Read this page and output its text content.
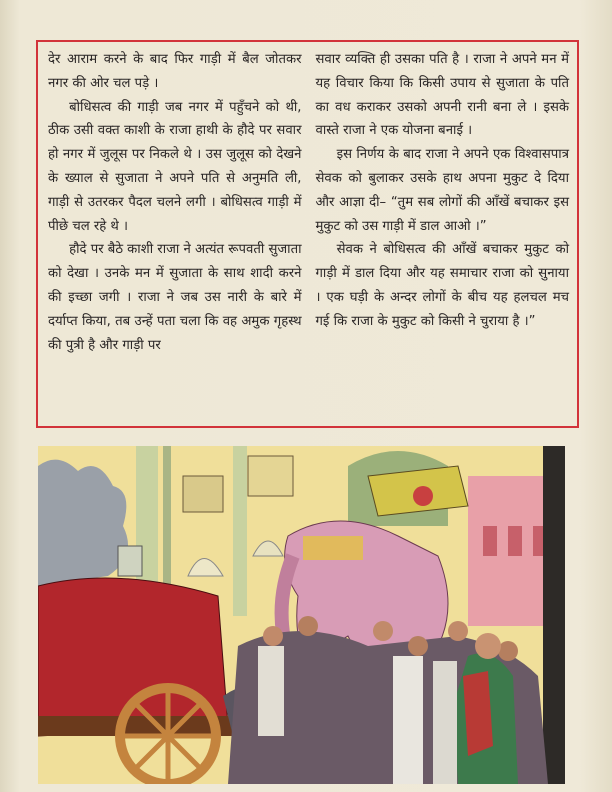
देर आराम करने के बाद फिर गाड़ी में बैल जोतकर नगर की ओर चल पड़े ।

बोधिसत्व की गाड़ी जब नगर में पहुँचने को थी, ठीक उसी वक्त काशी के राजा हाथी के हौदे पर सवार हो नगर में जुलूस पर निकले थे । उस जुलूस को देखने के ख्याल से सुजाता ने अपने पति से अनुमति ली, गाड़ी से उतरकर पैदल चलने लगी । बोधिसत्व गाड़ी में पीछे चल रहे थे ।

हौदे पर बैठे काशी राजा ने अत्यंत रूपवती सुजाता को देखा । उनके मन में सुजाता के साथ शादी करने की इच्छा जगी । राजा ने जब उस नारी के बारे में दर्याप्त किया, तब उन्हें पता चला कि वह अमुक गृहस्थ की पुत्री है और गाड़ी पर

सवार व्यक्ति ही उसका पति है । राजा ने अपने मन में यह विचार किया कि किसी उपाय से सुजाता के पति का वध कराकर उसको अपनी रानी बना ले । इसके वास्ते राजा ने एक योजना बनाई ।

इस निर्णय के बाद राजा ने अपने एक विश्वासपात्र सेवक को बुलाकर उसके हाथ अपना मुकुट दे दिया और आज्ञा दी– “तुम सब लोगों की आँखें बचाकर इस मुकुट को उस गाड़ी में डाल आओ ।”

सेवक ने बोधिसत्व की आँखें बचाकर मुकुट को गाड़ी में डाल दिया और यह समाचार राजा को सुनाया । एक घड़ी के अन्दर लोगों के बीच यह हलचल मच गई कि राजा के मुकुट को किसी ने चुराया है ।”
